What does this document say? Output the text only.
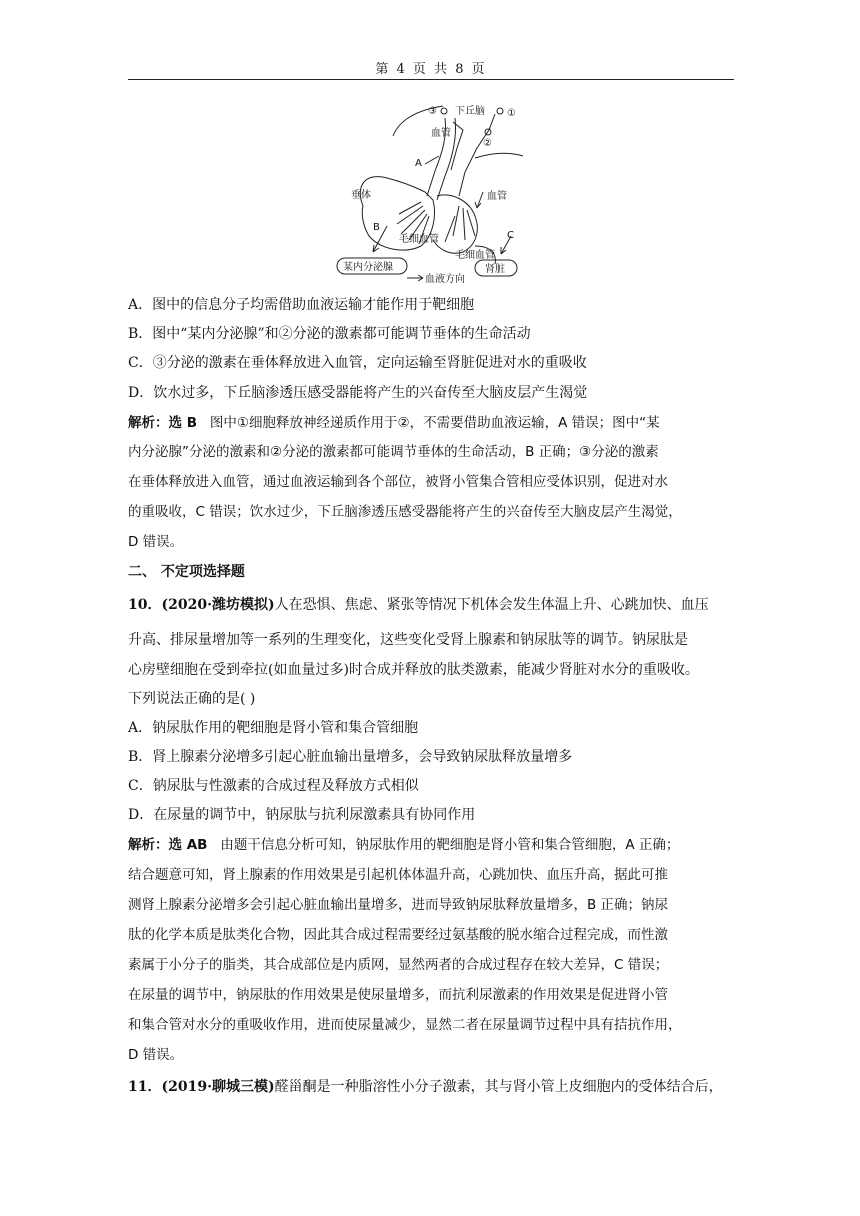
第 4 页 共 8 页
③ 下丘脑 ①
血管
②
A
垂体	血管
B
毛细血管
毛细血管
C
某内分泌腺
血液方向
肾脏
A．图中的信息分子均需借助血液运输才能作用于靶细胞
B．图中“某内分泌腺”和②分泌的激素都可能调节垂体的生命活动
C．③分泌的激素在垂体释放进入血管，定向运输至肾脏促进对水的重吸收
D．饮水过多，下丘脑渗透压感受器能将产生的兴奋传至大脑皮层产生渴觉
解析：选 B 图中①细胞释放神经递质作用于②，不需要借助血液运输，A 错误；图中“某
内分泌腺”分泌的激素和②分泌的激素都可能调节垂体的生命活动，B 正确；③分泌的激素
在垂体释放进入血管，通过血液运输到各个部位，被肾小管集合管相应受体识别，促进对水
的重吸收，C 错误；饮水过少，下丘脑渗透压感受器能将产生的兴奋传至大脑皮层产生渴觉，
D 错误。
二、 不定项选择题
10．(2020·潍坊模拟)人在恐惧、焦虑、紧张等情况下机体会发生体温上升、心跳加快、血压
升高、排尿量增加等一系列的生理变化，这些变化受肾上腺素和钠尿肽等的调节。钠尿肽是
心房壁细胞在受到牵拉(如血量过多)时合成并释放的肽类激素，能减少肾脏对水分的重吸收。
下列说法正确的是( )
A．钠尿肽作用的靶细胞是肾小管和集合管细胞
B．肾上腺素分泌增多引起心脏血输出量增多，会导致钠尿肽释放量增多
C．钠尿肽与性激素的合成过程及释放方式相似
D．在尿量的调节中，钠尿肽与抗利尿激素具有协同作用
解析：选 AB 由题干信息分析可知，钠尿肽作用的靶细胞是肾小管和集合管细胞，A 正确；
结合题意可知，肾上腺素的作用效果是引起机体体温升高，心跳加快、血压升高，据此可推
测肾上腺素分泌增多会引起心脏血输出量增多，进而导致钠尿肽释放量增多，B 正确；钠尿
肽的化学本质是肽类化合物，因此其合成过程需要经过氨基酸的脱水缩合过程完成，而性激
素属于小分子的脂类，其合成部位是内质网，显然两者的合成过程存在较大差异，C 错误；
在尿量的调节中，钠尿肽的作用效果是使尿量增多，而抗利尿激素的作用效果是促进肾小管
和集合管对水分的重吸收作用，进而使尿量减少，显然二者在尿量调节过程中具有拮抗作用，
D 错误。
11．(2019·聊城三模)醛甾酮是一种脂溶性小分子激素，其与肾小管上皮细胞内的受体结合后，
